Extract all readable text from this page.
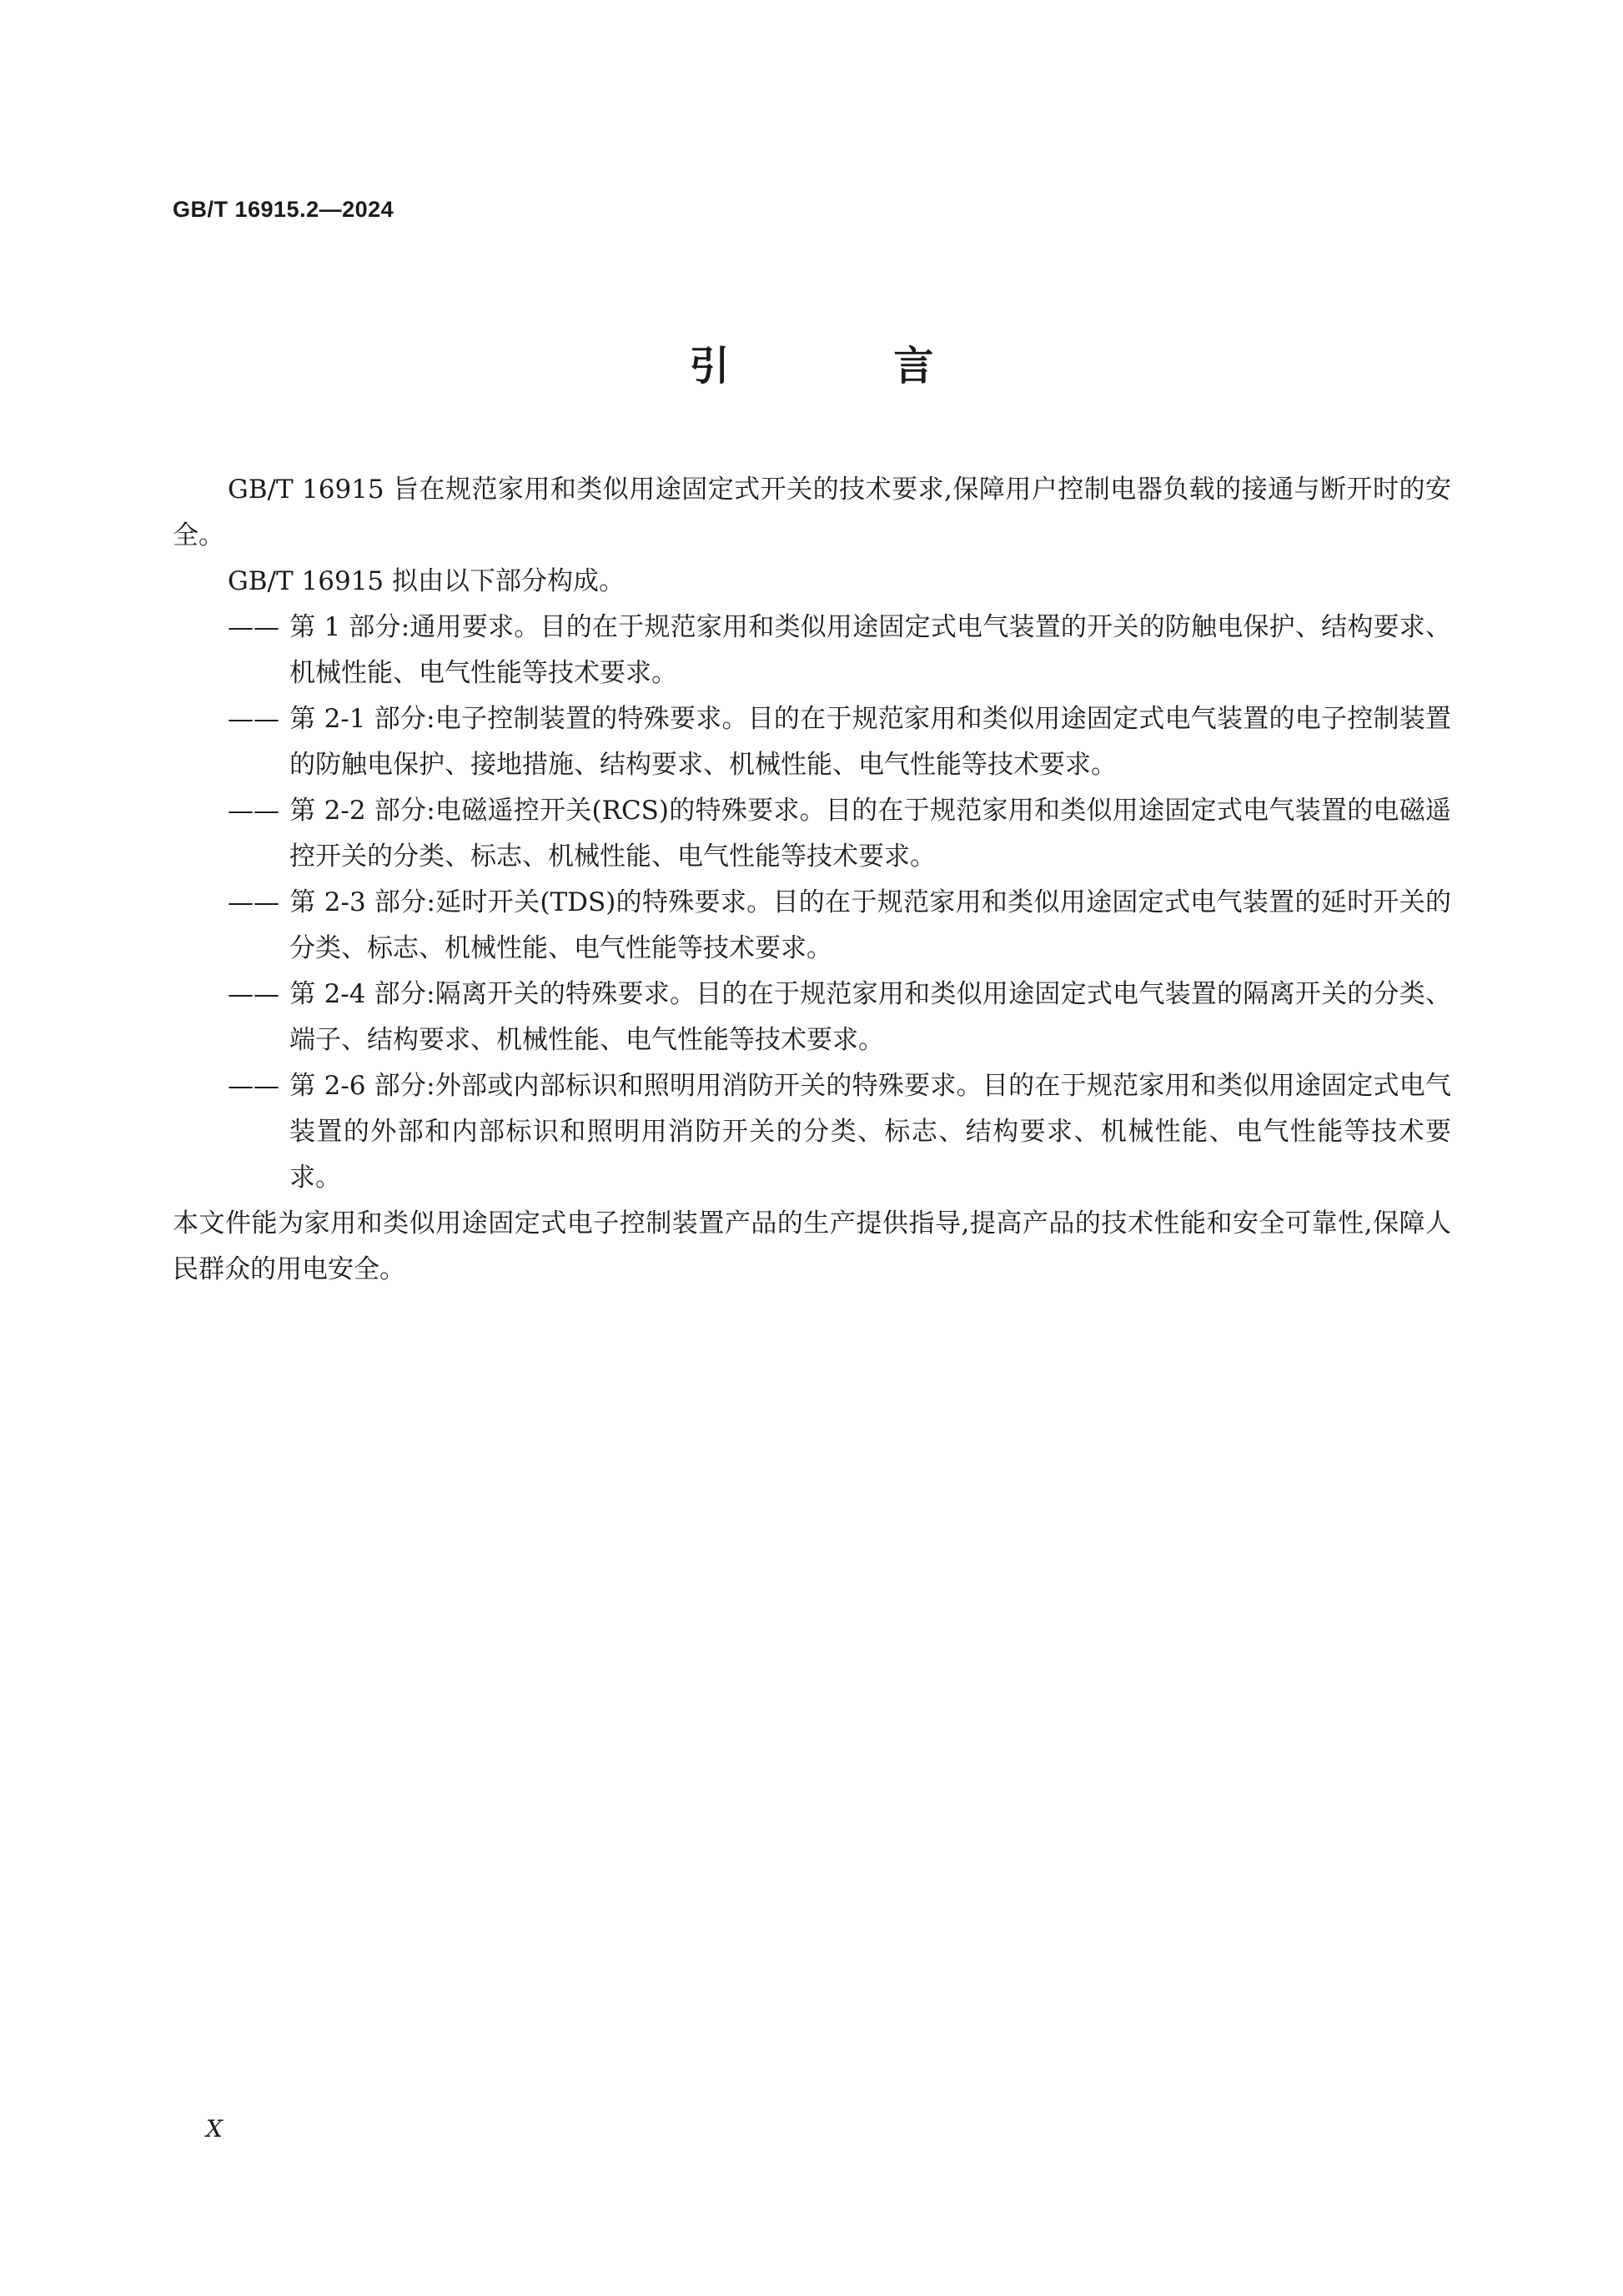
GB/T 16915.2—2024
引 言

GB/T 16915 旨在规范家用和类似用途固定式开关的技术要求,保障用户控制电器负载的接通与断开时的安全。

GB/T 16915 拟由以下部分构成。

—— 第 1 部分:通用要求。目的在于规范家用和类似用途固定式电气装置的开关的防触电保护、结构要求、机械性能、电气性能等技术要求。

—— 第 2-1 部分:电子控制装置的特殊要求。目的在于规范家用和类似用途固定式电气装置的电子控制装置的防触电保护、接地措施、结构要求、机械性能、电气性能等技术要求。

—— 第 2-2 部分:电磁遥控开关(RCS)的特殊要求。目的在于规范家用和类似用途固定式电气装置的电磁遥控开关的分类、标志、机械性能、电气性能等技术要求。

—— 第 2-3 部分:延时开关(TDS)的特殊要求。目的在于规范家用和类似用途固定式电气装置的延时开关的分类、标志、机械性能、电气性能等技术要求。

—— 第 2-4 部分:隔离开关的特殊要求。目的在于规范家用和类似用途固定式电气装置的隔离开关的分类、端子、结构要求、机械性能、电气性能等技术要求。

—— 第 2-6 部分:外部或内部标识和照明用消防开关的特殊要求。目的在于规范家用和类似用途固定式电气装置的外部和内部标识和照明用消防开关的分类、标志、结构要求、机械性能、电气性能等技术要求。

本文件能为家用和类似用途固定式电子控制装置产品的生产提供指导,提高产品的技术性能和安全可靠性,保障人民群众的用电安全。

X
